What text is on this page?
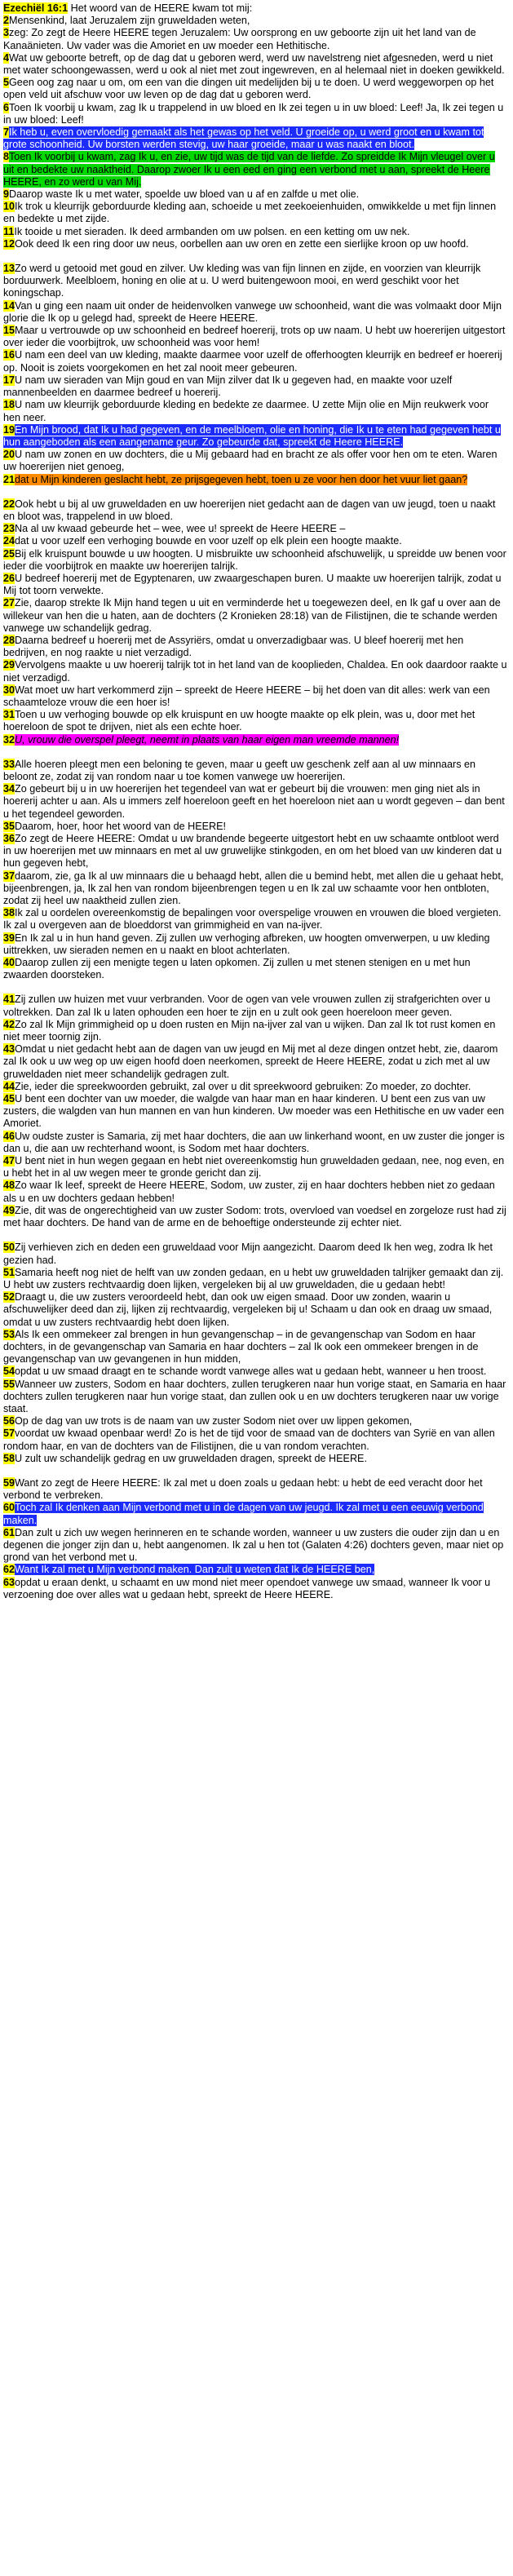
Ezechiël 16:1 Het woord van de HEERE kwam tot mij:
2Mensenkind, laat Jeruzalem zijn gruweldaden weten,
3zeg: Zo zegt de Heere HEERE tegen Jeruzalem: Uw oorsprong en uw geboorte zijn uit het land van de Kanaänieten. Uw vader was die Amoriet en uw moeder een Hethitische.
4Wat uw geboorte betreft, op de dag dat u geboren werd, werd uw navelstreng niet afgesneden, werd u niet met water schoongewassen, werd u ook al niet met zout ingewreven, en al helemaal niet in doeken gewikkeld.
5Geen oog zag naar u om, om een van die dingen uit medelijden bij u te doen. U werd weggeworpen op het open veld uit afschuw voor uw leven op de dag dat u geboren werd.
6Toen Ik voorbij u kwam, zag Ik u trappelend in uw bloed en Ik zei tegen u in uw bloed: Leef! Ja, Ik zei tegen u in uw bloed: Leef!
7Ik heb u, even overvloedig gemaakt als het gewas op het veld. U groeide op, u werd groot en u kwam tot grote schoonheid. Uw borsten werden stevig, uw haar groeide, maar u was naakt en bloot.
8Toen Ik voorbij u kwam, zag Ik u, en zie, uw tijd was de tijd van de liefde. Zo spreidde Ik Mijn vleugel over u uit en bedekte uw naaktheid. Daarop zwoer Ik u een eed en ging een verbond met u aan, spreekt de Heere HEERE, en zo werd u van Mij.
9Daarop waste Ik u met water, spoelde uw bloed van u af en zalfde u met olie.
10Ik trok u kleurrijk geborduurde kleding aan, schoeide u met zeekoeienhuiden, omwikkelde u met fijn linnen en bedekte u met zijde.
11Ik tooide u met sieraden. Ik deed armbanden om uw polsen. en een ketting om uw nek.
12Ook deed Ik een ring door uw neus, oorbellen aan uw oren en zette een sierlijke kroon op uw hoofd.
13Zo werd u getooid met goud en zilver. Uw kleding was van fijn linnen en zijde, en voorzien van kleurrijk borduurwerk. Meelbloem, honing en olie at u. U werd buitengewoon mooi, en werd geschikt voor het koningschap.
14Van u ging een naam uit onder de heidenvolken vanwege uw schoonheid, want die was volmaakt door Mijn glorie die Ik op u gelegd had, spreekt de Heere HEERE.
15Maar u vertrouwde op uw schoonheid en bedreef hoererij, trots op uw naam. U hebt uw hoererijen uitgestort over ieder die voorbijtrok, uw schoonheid was voor hem!
16U nam een deel van uw kleding, maakte daarmee voor uzelf de offerhoogten kleurrijk en bedreef er hoererij op. Nooit is zoiets voorgekomen en het zal nooit meer gebeuren.
17U nam uw sieraden van Mijn goud en van Mijn zilver dat Ik u gegeven had, en maakte voor uzelf mannenbeelden en daarmee bedreef u hoererij.
18U nam uw kleurrijk geborduurde kleding en bedekte ze daarmee. U zette Mijn olie en Mijn reukwerk voor hen neer.
19En Mijn brood, dat Ik u had gegeven, en de meelbloem, olie en honing, die Ik u te eten had gegeven hebt u hun aangeboden als een aangename geur. Zo gebeurde dat, spreekt de Heere HEERE.
20U nam uw zonen en uw dochters, die u Mij gebaard had en bracht ze als offer voor hen om te eten. Waren uw hoererijen niet genoeg,
21dat u Mijn kinderen geslacht hebt, ze prijsgegeven hebt, toen u ze voor hen door het vuur liet gaan?
22Ook hebt u bij al uw gruweldaden en uw hoererijen niet gedacht aan de dagen van uw jeugd, toen u naakt en bloot was, trappelend in uw bloed.
23Na al uw kwaad gebeurde het – wee, wee u! spreekt de Heere HEERE –
24dat u voor uzelf een verhoging bouwde en voor uzelf op elk plein een hoogte maakte.
25Bij elk kruispunt bouwde u uw hoogten. U misbruikte uw schoonheid afschuwelijk, u spreidde uw benen voor ieder die voorbijtrok en maakte uw hoererijen talrijk.
26U bedreef hoererij met de Egyptenaren, uw zwaargeschapen buren. U maakte uw hoererijen talrijk, zodat u Mij tot toorn verwekte.
27Zie, daarop strekte Ik Mijn hand tegen u uit en verminderde het u toegewezen deel, en Ik gaf u over aan de willekeur van hen die u haten, aan de dochters (2 Kronieken 28:18) van de Filistijnen, die te schande werden vanwege uw schandelijk gedrag.
28Daarna bedreef u hoererij met de Assyriërs, omdat u onverzadigbaar was. U bleef hoererij met hen bedrijven, en nog raakte u niet verzadigd.
29Vervolgens maakte u uw hoererij talrijk tot in het land van de kooplieden, Chaldea. En ook daardoor raakte u niet verzadigd.
30Wat moet uw hart verkommerd zijn – spreekt de Heere HEERE – bij het doen van dit alles: werk van een schaamteloze vrouw die een hoer is!
31Toen u uw verhoging bouwde op elk kruispunt en uw hoogte maakte op elk plein, was u, door met het hoereloon de spot te drijven, niet als een echte hoer.
32U, vrouw die overspel pleegt, neemt in plaats van haar eigen man vreemde mannen!
33Alle hoeren pleegt men een beloning te geven, maar u geeft uw geschenk zelf aan al uw minnaars en beloont ze, zodat zij van rondom naar u toe komen vanwege uw hoererijen.
34Zo gebeurt bij u in uw hoererijen het tegendeel van wat er gebeurt bij die vrouwen: men ging niet als in hoererij achter u aan. Als u immers zelf hoereloon geeft en het hoereloon niet aan u wordt gegeven – dan bent u het tegendeel geworden.
35Daarom, hoer, hoor het woord van de HEERE!
36Zo zegt de Heere HEERE: Omdat u uw brandende begeerte uitgestort hebt en uw schaamte ontbloot werd in uw hoererijen met uw minnaars en met al uw gruwelijke stinkgoden, en om het bloed van uw kinderen dat u hun gegeven hebt,
37daarom, zie, ga Ik al uw minnaars die u behaagd hebt, allen die u bemind hebt, met allen die u gehaat hebt, bijeenbrengen, ja, Ik zal hen van rondom bijeenbrengen tegen u en Ik zal uw schaamte voor hen ontbloten, zodat zij heel uw naaktheid zullen zien.
38Ik zal u oordelen overeenkomstig de bepalingen voor overspelige vrouwen en vrouwen die bloed vergieten. Ik zal u overgeven aan de bloeddorst van grimmigheid en van na-ijver.
39En Ik zal u in hun hand geven. Zij zullen uw verhoging afbreken, uw hoogten omverwerpen, u uw kleding uittrekken, uw sieraden nemen en u naakt en bloot achterlaten.
40Daarop zullen zij een menigte tegen u laten opkomen. Zij zullen u met stenen stenigen en u met hun zwaarden doorsteken.
41Zij zullen uw huizen met vuur verbranden. Voor de ogen van vele vrouwen zullen zij strafgerichten over u voltrekken. Dan zal Ik u laten ophouden een hoer te zijn en u zult ook geen hoereloon meer geven.
42Zo zal Ik Mijn grimmigheid op u doen rusten en Mijn na-ijver zal van u wijken. Dan zal Ik tot rust komen en niet meer toornig zijn.
43Omdat u niet gedacht hebt aan de dagen van uw jeugd en Mij met al deze dingen ontzet hebt, zie, daarom zal Ik ook u uw weg op uw eigen hoofd doen neerkomen, spreekt de Heere HEERE, zodat u zich met al uw gruweldaden niet meer schandelijk gedragen zult.
44Zie, ieder die spreekwoorden gebruikt, zal over u dit spreekwoord gebruiken: Zo moeder, zo dochter.
45U bent een dochter van uw moeder, die walgde van haar man en haar kinderen. U bent een zus van uw zusters, die walgden van hun mannen en van hun kinderen. Uw moeder was een Hethitische en uw vader een Amoriet.
46Uw oudste zuster is Samaria, zij met haar dochters, die aan uw linkerhand woont, en uw zuster die jonger is dan u, die aan uw rechterhand woont, is Sodom met haar dochters.
47U bent niet in hun wegen gegaan en hebt niet overeenkomstig hun gruweldaden gedaan, nee, nog even, en u hebt het in al uw wegen meer te gronde gericht dan zij.
48Zo waar Ik leef, spreekt de Heere HEERE, Sodom, uw zuster, zij en haar dochters hebben niet zo gedaan als u en uw dochters gedaan hebben!
49Zie, dit was de ongerechtigheid van uw zuster Sodom: trots, overvloed van voedsel en zorgeloze rust had zij met haar dochters. De hand van de arme en de behoeftige ondersteunde zij echter niet.
50Zij verhieven zich en deden een gruweldaad voor Mijn aangezicht. Daarom deed Ik hen weg, zodra Ik het gezien had.
51Samaria heeft nog niet de helft van uw zonden gedaan, en u hebt uw gruweldaden talrijker gemaakt dan zij. U hebt uw zusters rechtvaardig doen lijken, vergeleken bij al uw gruweldaden, die u gedaan hebt!
52Draagt u, die uw zusters veroordeeld hebt, dan ook uw eigen smaad. Door uw zonden, waarin u afschuwelijker deed dan zij, lijken zij rechtvaardig, vergeleken bij u! Schaam u dan ook en draag uw smaad, omdat u uw zusters rechtvaardig hebt doen lijken.
53Als Ik een ommekeer zal brengen in hun gevangenschap – in de gevangenschap van Sodom en haar dochters, in de gevangenschap van Samaria en haar dochters – zal Ik ook een ommekeer brengen in de gevangenschap van uw gevangenen in hun midden,
54opdat u uw smaad draagt en te schande wordt vanwege alles wat u gedaan hebt, wanneer u hen troost.
55Wanneer uw zusters, Sodom en haar dochters, zullen terugkeren naar hun vorige staat, en Samaria en haar dochters zullen terugkeren naar hun vorige staat, dan zullen ook u en uw dochters terugkeren naar uw vorige staat.
56Op de dag van uw trots is de naam van uw zuster Sodom niet over uw lippen gekomen,
57voordat uw kwaad openbaar werd! Zo is het de tijd voor de smaad van de dochters van Syrië en van allen rondom haar, en van de dochters van de Filistijnen, die u van rondom verachten.
58U zult uw schandelijk gedrag en uw gruweldaden dragen, spreekt de HEERE.
59Want zo zegt de Heere HEERE: Ik zal met u doen zoals u gedaan hebt: u hebt de eed veracht door het verbond te verbreken.
60Toch zal Ik denken aan Mijn verbond met u in de dagen van uw jeugd. Ik zal met u een eeuwig verbond maken.
61Dan zult u zich uw wegen herinneren en te schande worden, wanneer u uw zusters die ouder zijn dan u en degenen die jonger zijn dan u, hebt aangenomen. Ik zal u hen tot (Galaten 4:26) dochters geven, maar niet op grond van het verbond met u.
62Want Ik zal met u Mijn verbond maken. Dan zult u weten dat Ik de HEERE ben,
63opdat u eraan denkt, u schaamt en uw mond niet meer opendoet vanwege uw smaad, wanneer Ik voor u verzoening doe over alles wat u gedaan hebt, spreekt de Heere HEERE.
